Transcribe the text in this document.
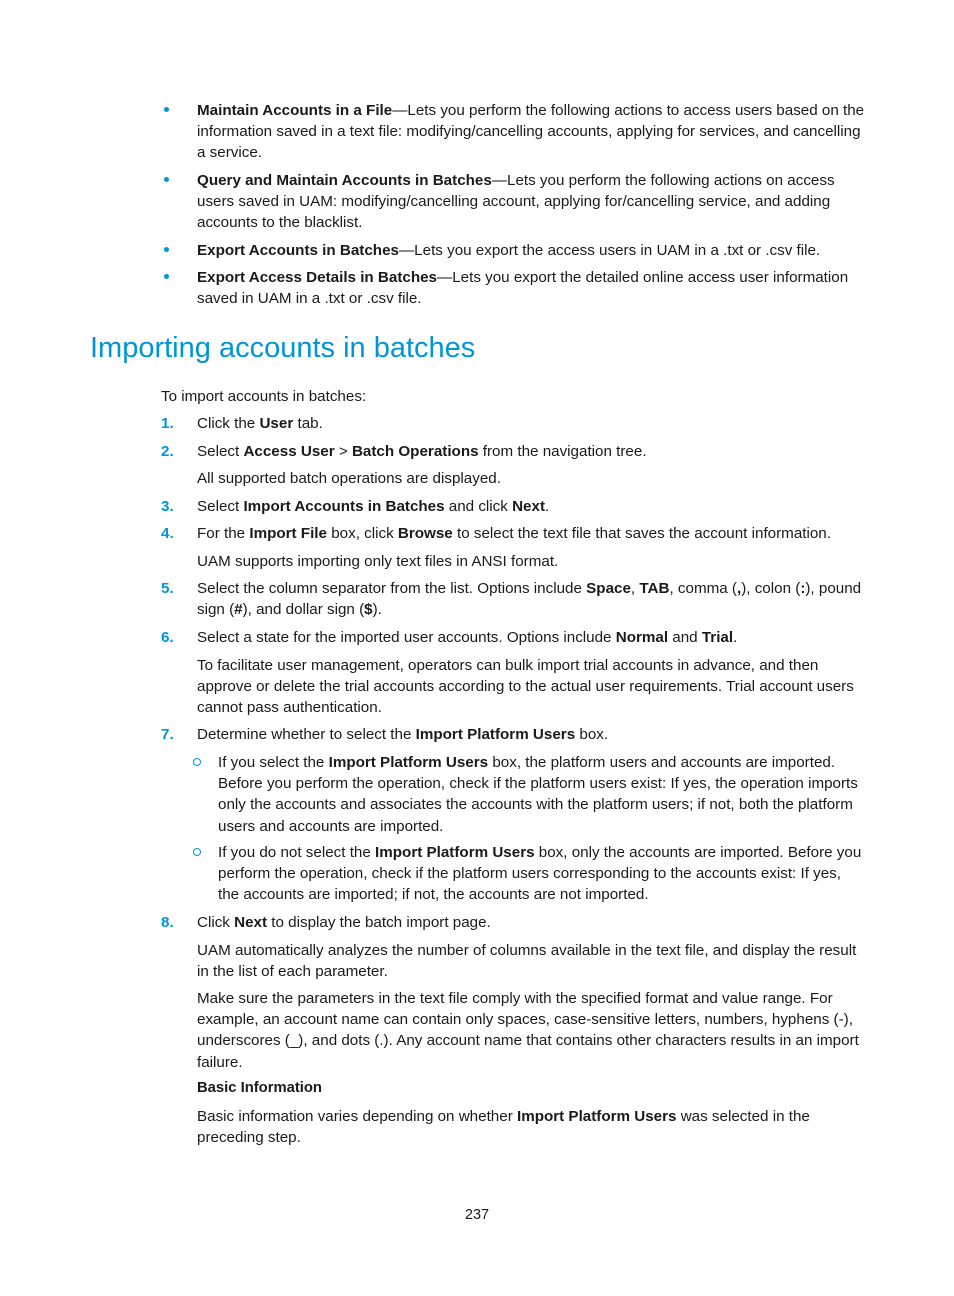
Maintain Accounts in a File—Lets you perform the following actions to access users based on the information saved in a text file: modifying/cancelling accounts, applying for services, and cancelling a service.
Query and Maintain Accounts in Batches—Lets you perform the following actions on access users saved in UAM: modifying/cancelling account, applying for/cancelling service, and adding accounts to the blacklist.
Export Accounts in Batches—Lets you export the access users in UAM in a .txt or .csv file.
Export Access Details in Batches—Lets you export the detailed online access user information saved in UAM in a .txt or .csv file.
Importing accounts in batches
To import accounts in batches:
1. Click the User tab.
2. Select Access User > Batch Operations from the navigation tree.
All supported batch operations are displayed.
3. Select Import Accounts in Batches and click Next.
4. For the Import File box, click Browse to select the text file that saves the account information.
UAM supports importing only text files in ANSI format.
5. Select the column separator from the list. Options include Space, TAB, comma (,), colon (:), pound sign (#), and dollar sign ($).
6. Select a state for the imported user accounts. Options include Normal and Trial.
To facilitate user management, operators can bulk import trial accounts in advance, and then approve or delete the trial accounts according to the actual user requirements. Trial account users cannot pass authentication.
7. Determine whether to select the Import Platform Users box.
If you select the Import Platform Users box, the platform users and accounts are imported. Before you perform the operation, check if the platform users exist: If yes, the operation imports only the accounts and associates the accounts with the platform users; if not, both the platform users and accounts are imported.
If you do not select the Import Platform Users box, only the accounts are imported. Before you perform the operation, check if the platform users corresponding to the accounts exist: If yes, the accounts are imported; if not, the accounts are not imported.
8. Click Next to display the batch import page.
UAM automatically analyzes the number of columns available in the text file, and display the result in the list of each parameter.
Make sure the parameters in the text file comply with the specified format and value range. For example, an account name can contain only spaces, case-sensitive letters, numbers, hyphens (-), underscores (_), and dots (.). Any account name that contains other characters results in an import failure.
Basic Information
Basic information varies depending on whether Import Platform Users was selected in the preceding step.
237
